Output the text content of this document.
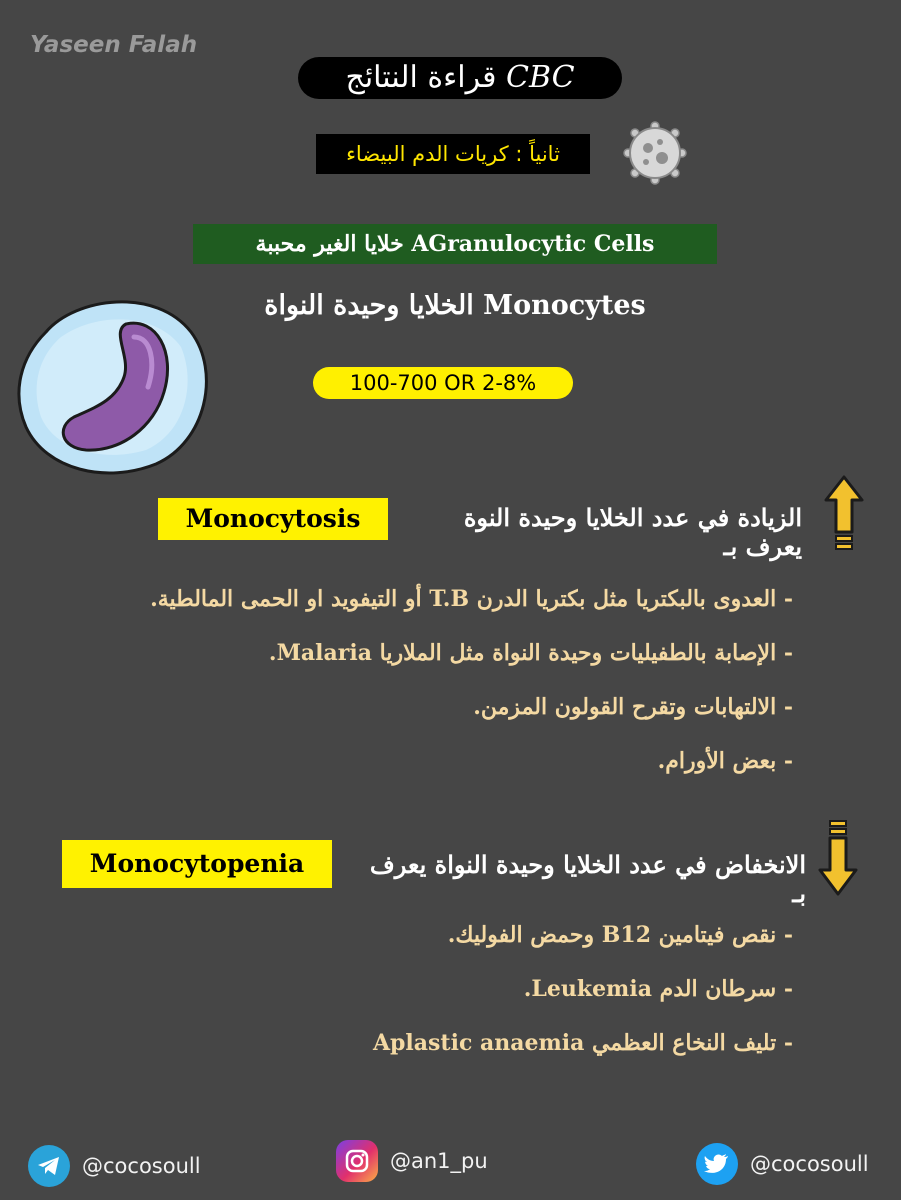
Yaseen Falah
قراءة النتائج CBC
ثانياً : كريات الدم البيضاء
خلايا الغير محببة AGranulocytic Cells
الخلايا وحيدة النواة Monocytes
100-700 OR 2-8%
الزيادة في عدد الخلايا وحيدة النوة يعرف بـ
Monocytosis
- العدوى بالبكتريا مثل بكتريا الدرن T.B أو التيفويد او الحمى المالطية.
- الإصابة بالطفيليات وحيدة النواة مثل الملاريا Malaria.
- الالتهابات وتقرح القولون المزمن.
- بعض الأورام.
الانخفاض في عدد الخلايا وحيدة النواة يعرف بـ
Monocytopenia
- نقص فيتامين B12 وحمض الفوليك.
- سرطان الدم Leukemia.
- تليف النخاع العظمي Aplastic anaemia
@cocosoull	@an1_pu	@cocosoull
